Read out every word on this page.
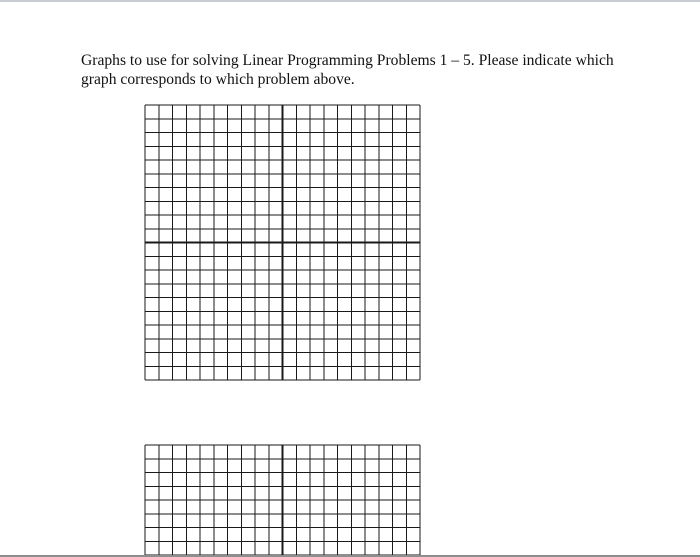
Graphs to use for solving Linear Programming Problems 1 – 5. Please indicate which graph corresponds to which problem above.
